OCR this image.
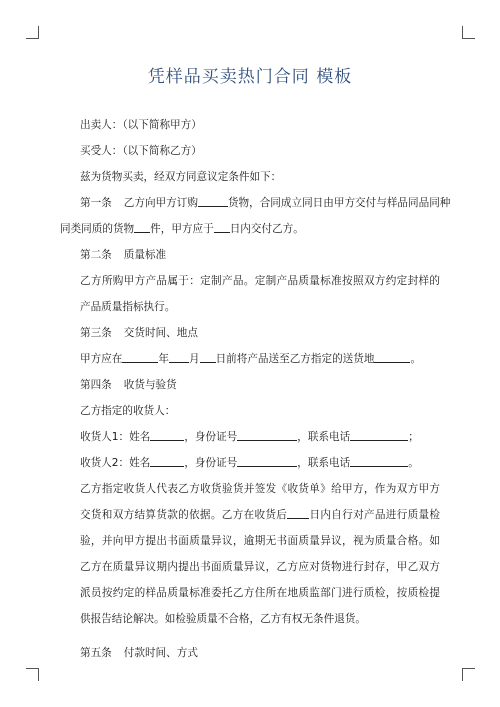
凭样品买卖热门合同 模板

出卖人：（以下简称甲方）

买受人：（以下简称乙方）

兹为货物买卖，经双方同意议定条件如下：

第一条 乙方向甲方订购	货物，合同成立同日由甲方交付与样品同品同种

同类同质的货物 件，甲方应于 日内交付乙方。

第二条 质量标准

乙方所购甲方产品属于：定制产品。定制产品质量标准按照双方约定封样的产品质量指标执行。

第三条 交货时间、地点

甲方应在	年 月 日前将产品送至乙方指定的送货地	。

第四条 收货与验货

乙方指定的收货人：

收货人1：姓名	，身份证号	，联系电话	；

收货人2：姓名	，身份证号	，联系电话	。

乙方指定收货人代表乙方收货验货并签发《收货单》给甲方，作为双方甲方交货和双方结算货款的依据。乙方在收货后 日内自行对产品进行质量检验，并向甲方提出书面质量异议，逾期无书面质量异议，视为质量合格。如乙方在质量异议期内提出书面质量异议，乙方应对货物进行封存，甲乙双方派员按约定的样品质量标准委托乙方住所在地质监部门进行质检，按质检提供报告结论解决。如检验质量不合格，乙方有权无条件退货。

第五条 付款时间、方式
